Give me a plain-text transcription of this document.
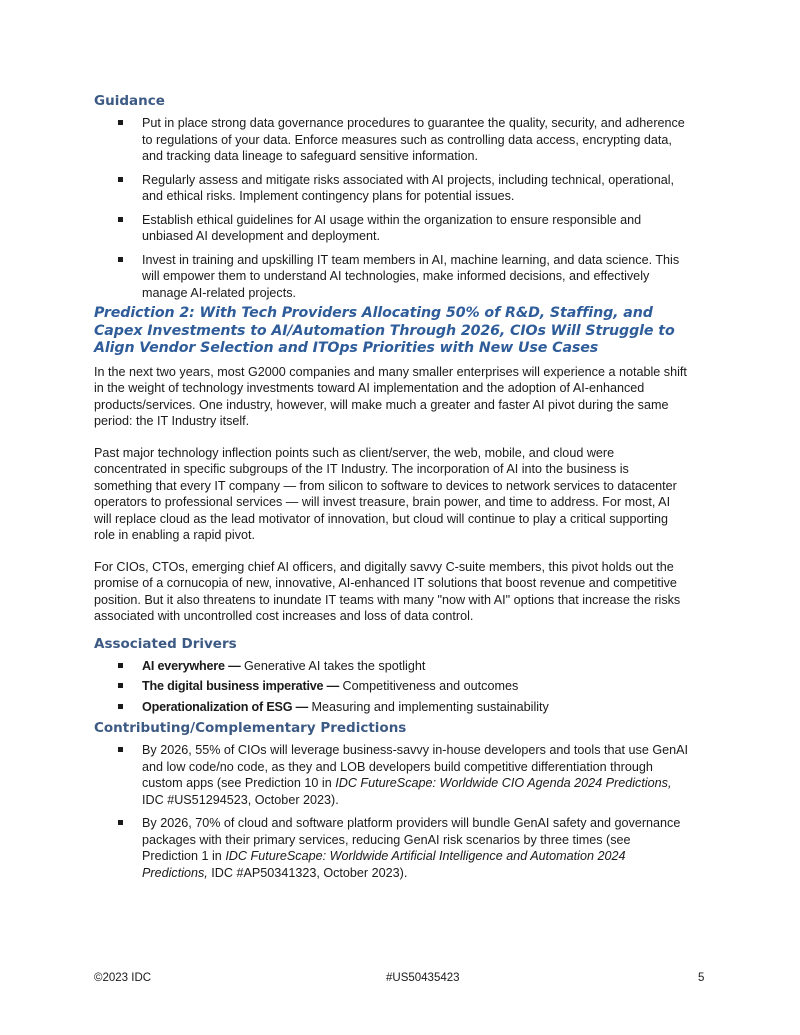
Guidance
Put in place strong data governance procedures to guarantee the quality, security, and adherence to regulations of your data. Enforce measures such as controlling data access, encrypting data, and tracking data lineage to safeguard sensitive information.
Regularly assess and mitigate risks associated with AI projects, including technical, operational, and ethical risks. Implement contingency plans for potential issues.
Establish ethical guidelines for AI usage within the organization to ensure responsible and unbiased AI development and deployment.
Invest in training and upskilling IT team members in AI, machine learning, and data science. This will empower them to understand AI technologies, make informed decisions, and effectively manage AI-related projects.
Prediction 2: With Tech Providers Allocating 50% of R&D, Staffing, and Capex Investments to AI/Automation Through 2026, CIOs Will Struggle to Align Vendor Selection and ITOps Priorities with New Use Cases

In the next two years, most G2000 companies and many smaller enterprises will experience a notable shift in the weight of technology investments toward AI implementation and the adoption of AI-enhanced products/services. One industry, however, will make much a greater and faster AI pivot during the same period: the IT Industry itself.

Past major technology inflection points such as client/server, the web, mobile, and cloud were concentrated in specific subgroups of the IT Industry. The incorporation of AI into the business is something that every IT company — from silicon to software to devices to network services to datacenter operators to professional services — will invest treasure, brain power, and time to address. For most, AI will replace cloud as the lead motivator of innovation, but cloud will continue to play a critical supporting role in enabling a rapid pivot.

For CIOs, CTOs, emerging chief AI officers, and digitally savvy C-suite members, this pivot holds out the promise of a cornucopia of new, innovative, AI-enhanced IT solutions that boost revenue and competitive position. But it also threatens to inundate IT teams with many "now with AI" options that increase the risks associated with uncontrolled cost increases and loss of data control.

Associated Drivers
AI everywhere — Generative AI takes the spotlight
The digital business imperative — Competitiveness and outcomes
Operationalization of ESG — Measuring and implementing sustainability
Contributing/Complementary Predictions
By 2026, 55% of CIOs will leverage business-savvy in-house developers and tools that use GenAI and low code/no code, as they and LOB developers build competitive differentiation through custom apps (see Prediction 10 in IDC FutureScape: Worldwide CIO Agenda 2024 Predictions, IDC #US51294523, October 2023).
By 2026, 70% of cloud and software platform providers will bundle GenAI safety and governance packages with their primary services, reducing GenAI risk scenarios by three times (see Prediction 1 in IDC FutureScape: Worldwide Artificial Intelligence and Automation 2024 Predictions, IDC #AP50341323, October 2023).
©2023 IDC	#US50435423	5
